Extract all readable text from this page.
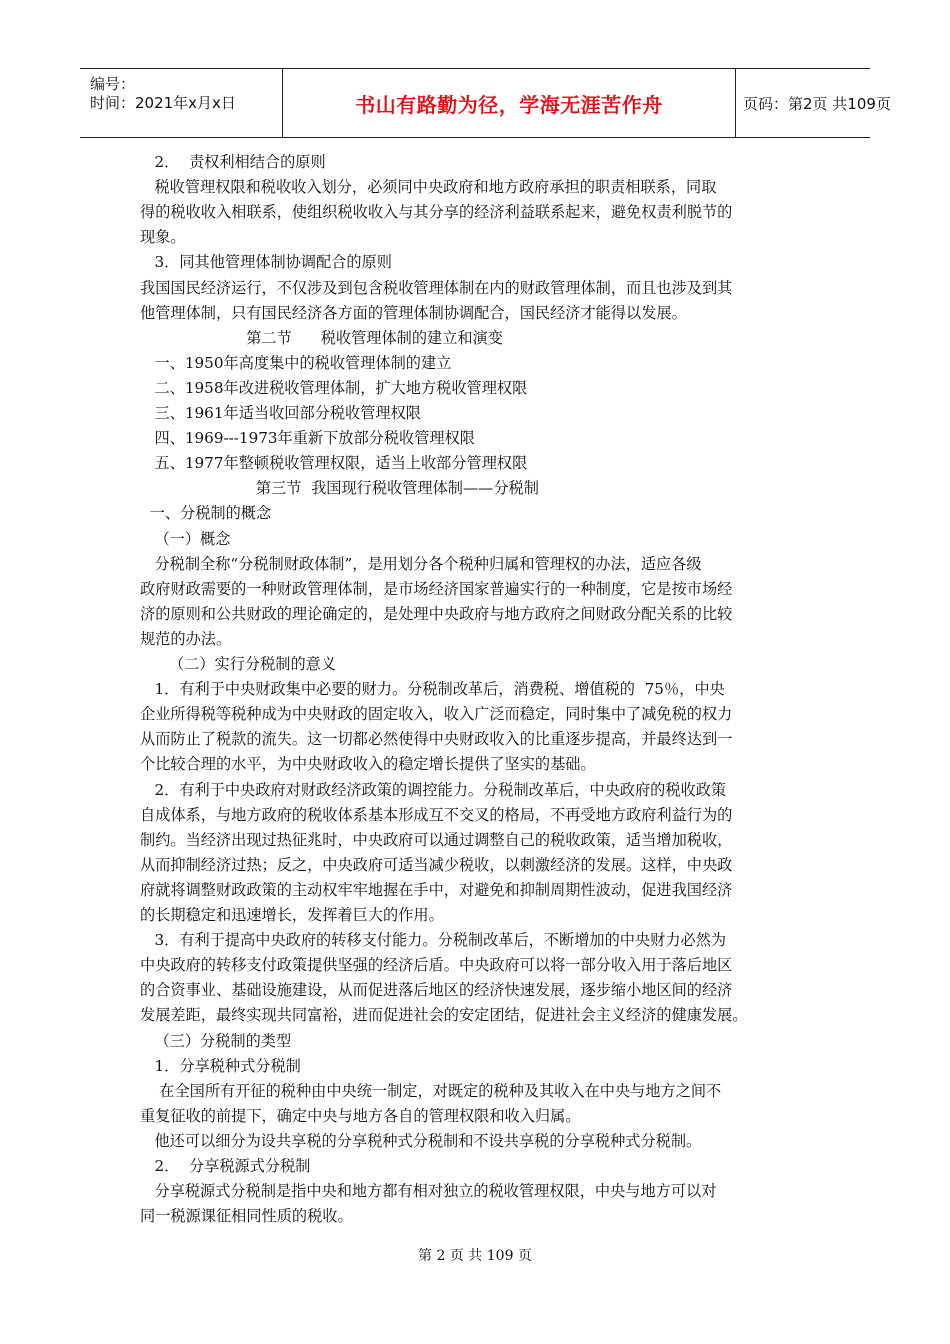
编号：
时间：2021年x月x日	书山有路勤为径，学海无涯苦作舟	页码：第2页 共109页
2．  责权利相结合的原则
税收管理权限和税收收入划分，必须同中央政府和地方政府承担的职责相联系，同取
得的税收收入相联系，使组织税收收入与其分享的经济利益联系起来，避免权责利脱节的
现象。
3．同其他管理体制协调配合的原则
我国国民经济运行，不仅涉及到包含税收管理体制在内的财政管理体制，而且也涉及到其
他管理体制，只有国民经济各方面的管理体制协调配合，国民经济才能得以发展。
第二节      税收管理体制的建立和演变
一、1950年高度集中的税收管理体制的建立
二、1958年改进税收管理体制，扩大地方税收管理权限
三、1961年适当收回部分税收管理权限
四、1969---1973年重新下放部分税收管理权限
五、1977年整顿税收管理权限，适当上收部分管理权限
第三节  我国现行税收管理体制——分税制
一、分税制的概念
（一）概念
分税制全称“分税制财政体制”，是用划分各个税种归属和管理权的办法，适应各级
政府财政需要的一种财政管理体制，是市场经济国家普遍实行的一种制度，它是按市场经
济的原则和公共财政的理论确定的，是处理中央政府与地方政府之间财政分配关系的比较
规范的办法。
（二）实行分税制的意义
1．有利于中央财政集中必要的财力。分税制改革后，消费税、增值税的  75％，中央
企业所得税等税种成为中央财政的固定收入，收入广泛而稳定，同时集中了减免税的权力
从而防止了税款的流失。这一切都必然使得中央财政收入的比重逐步提高，并最终达到一
个比较合理的水平，为中央财政收入的稳定增长提供了坚实的基础。
2．有利于中央政府对财政经济政策的调控能力。分税制改革后，中央政府的税收政策
自成体系，与地方政府的税收体系基本形成互不交叉的格局，不再受地方政府利益行为的
制约。当经济出现过热征兆时，中央政府可以通过调整自己的税收政策，适当增加税收，
从而抑制经济过热；反之，中央政府可适当减少税收，以刺激经济的发展。这样，中央政
府就将调整财政政策的主动权牢牢地握在手中，对避免和抑制周期性波动，促进我国经济
的长期稳定和迅速增长，发挥着巨大的作用。
3．有利于提高中央政府的转移支付能力。分税制改革后，不断增加的中央财力必然为
中央政府的转移支付政策提供坚强的经济后盾。中央政府可以将一部分收入用于落后地区
的合资事业、基础设施建设，从而促进落后地区的经济快速发展，逐步缩小地区间的经济
发展差距，最终实现共同富裕，进而促进社会的安定团结，促进社会主义经济的健康发展。
（三）分税制的类型
1．分享税种式分税制
在全国所有开征的税种由中央统一制定，对既定的税种及其收入在中央与地方之间不
重复征收的前提下，确定中央与地方各自的管理权限和收入归属。
他还可以细分为设共享税的分享税种式分税制和不设共享税的分享税种式分税制。
2．  分享税源式分税制
分享税源式分税制是指中央和地方都有相对独立的税收管理权限，中央与地方可以对
同一税源课征相同性质的税收。
第 2 页 共 109 页
